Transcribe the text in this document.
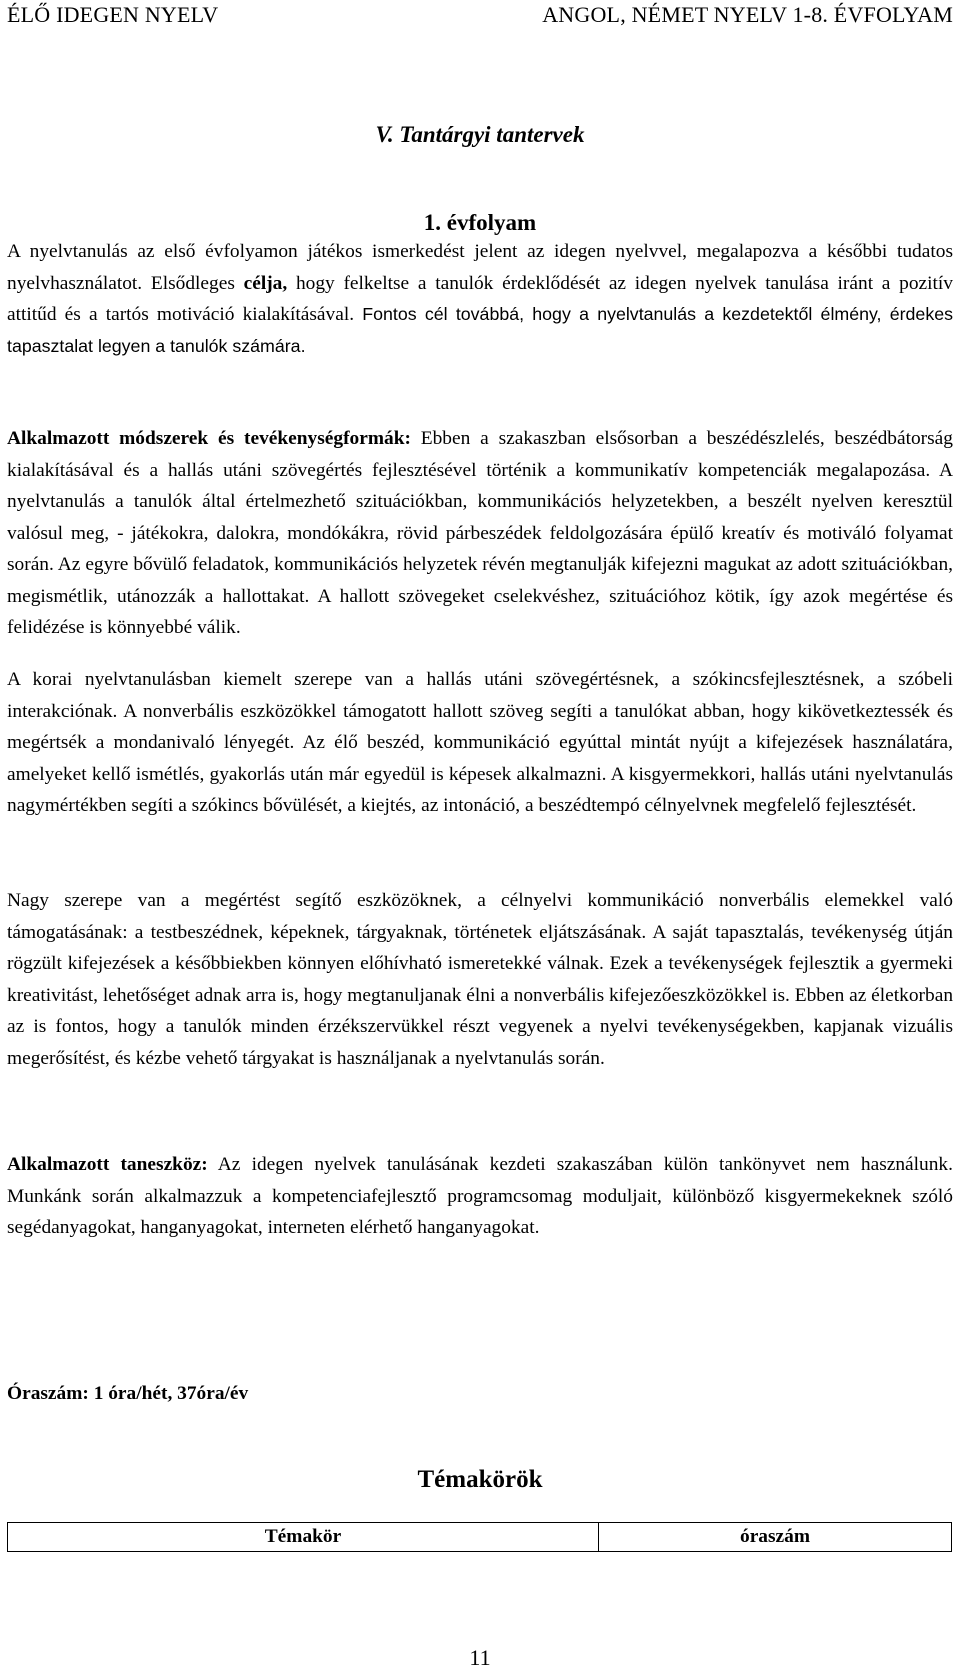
ÉLŐ IDEGEN NYELV	ANGOL, NÉMET NYELV 1-8. ÉVFOLYAM
V. Tantárgyi tantervek
1. évfolyam

A nyelvtanulás az első évfolyamon játékos ismerkedést jelent az idegen nyelvvel, megalapozva a későbbi tudatos nyelvhasználatot. Elsődleges célja, hogy felkeltse a tanulók érdeklődését az idegen nyelvek tanulása iránt a pozitív attitűd és a tartós motiváció kialakításával. Fontos cél továbbá, hogy a nyelvtanulás a kezdetektől élmény, érdekes tapasztalat legyen a tanulók számára.

Alkalmazott módszerek és tevékenységformák: Ebben a szakaszban elsősorban a beszédészlelés, beszédbátorság kialakításával és a hallás utáni szövegértés fejlesztésével történik a kommunikatív kompetenciák megalapozása. A nyelvtanulás a tanulók által értelmezhető szituációkban, kommunikációs helyzetekben, a beszélt nyelven keresztül valósul meg, - játékokra, dalokra, mondókákra, rövid párbeszédek feldolgozására épülő kreatív és motiváló folyamat során. Az egyre bővülő feladatok, kommunikációs helyzetek révén megtanulják kifejezni magukat az adott szituációkban, megismétlik, utánozzák a hallottakat. A hallott szövegeket cselekvéshez, szituációhoz kötik, így azok megértése és felidézése is könnyebbé válik.

A korai nyelvtanulásban kiemelt szerepe van a hallás utáni szövegértésnek, a szókincsfejlesztésnek, a szóbeli interakciónak. A nonverbális eszközökkel támogatott hallott szöveg segíti a tanulókat abban, hogy kikövetkeztessék és megértsék a mondanivaló lényegét. Az élő beszéd, kommunikáció egyúttal mintát nyújt a kifejezések használatára, amelyeket kellő ismétlés, gyakorlás után már egyedül is képesek alkalmazni. A kisgyermekkori, hallás utáni nyelvtanulás nagymértékben segíti a szókincs bővülését, a kiejtés, az intonáció, a beszédtempó célnyelvnek megfelelő fejlesztését.

Nagy szerepe van a megértést segítő eszközöknek, a célnyelvi kommunikáció nonverbális elemekkel való támogatásának: a testbeszédnek, képeknek, tárgyaknak, történetek eljátszásának. A saját tapasztalás, tevékenység útján rögzült kifejezések a későbbiekben könnyen előhívható ismeretekké válnak. Ezek a tevékenységek fejlesztik a gyermeki kreativitást, lehetőséget adnak arra is, hogy megtanuljanak élni a nonverbális kifejezőeszközökkel is. Ebben az életkorban az is fontos, hogy a tanulók minden érzékszervükkel részt vegyenek a nyelvi tevékenységekben, kapjanak vizuális megerősítést, és kézbe vehető tárgyakat is használjanak a nyelvtanulás során.

Alkalmazott taneszköz: Az idegen nyelvek tanulásának kezdeti szakaszában külön tankönyvet nem használunk. Munkánk során alkalmazzuk a kompetenciafejlesztő programcsomag moduljait, különböző kisgyermekeknek szóló segédanyagokat, hanganyagokat, interneten elérhető hanganyagokat.

Óraszám: 1 óra/hét, 37óra/év
Témakörök
Témakör	óraszám
11
